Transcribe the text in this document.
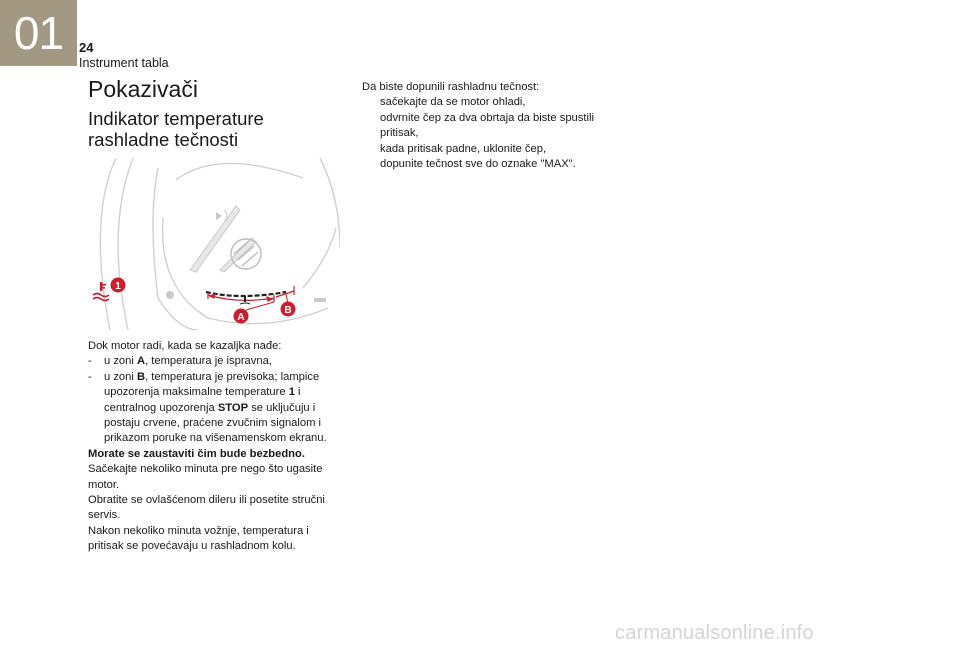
01	24
Instrument tabla
Pokazivači
Indikator temperature rashladne tečnosti
1
A
B

Dok motor radi, kada se kazaljka nađe:

-	u zoni A, temperatura je ispravna,
-	u zoni B, temperatura je previsoka; lampice upozorenja maksimalne temperature 1 i centralnog upozorenja STOP se uključuju i postaju crvene, praćene zvučnim signalom i prikazom poruke na višenamenskom ekranu.

Morate se zaustaviti čim bude bezbedno.

Sačekajte nekoliko minuta pre nego što ugasite motor.

Obratite se ovlašćenom dileru ili posetite stručni servis.

Nakon nekoliko minuta vožnje, temperatura i pritisak se povećavaju u rashladnom kolu.

Da biste dopunili rashladnu tečnost:

sačekajte da se motor ohladi,
odvrnite čep za dva obrtaja da biste spustili pritisak,
kada pritisak padne, uklonite čep,
dopunite tečnost sve do oznake "MAX".
carmanualsonline.info
